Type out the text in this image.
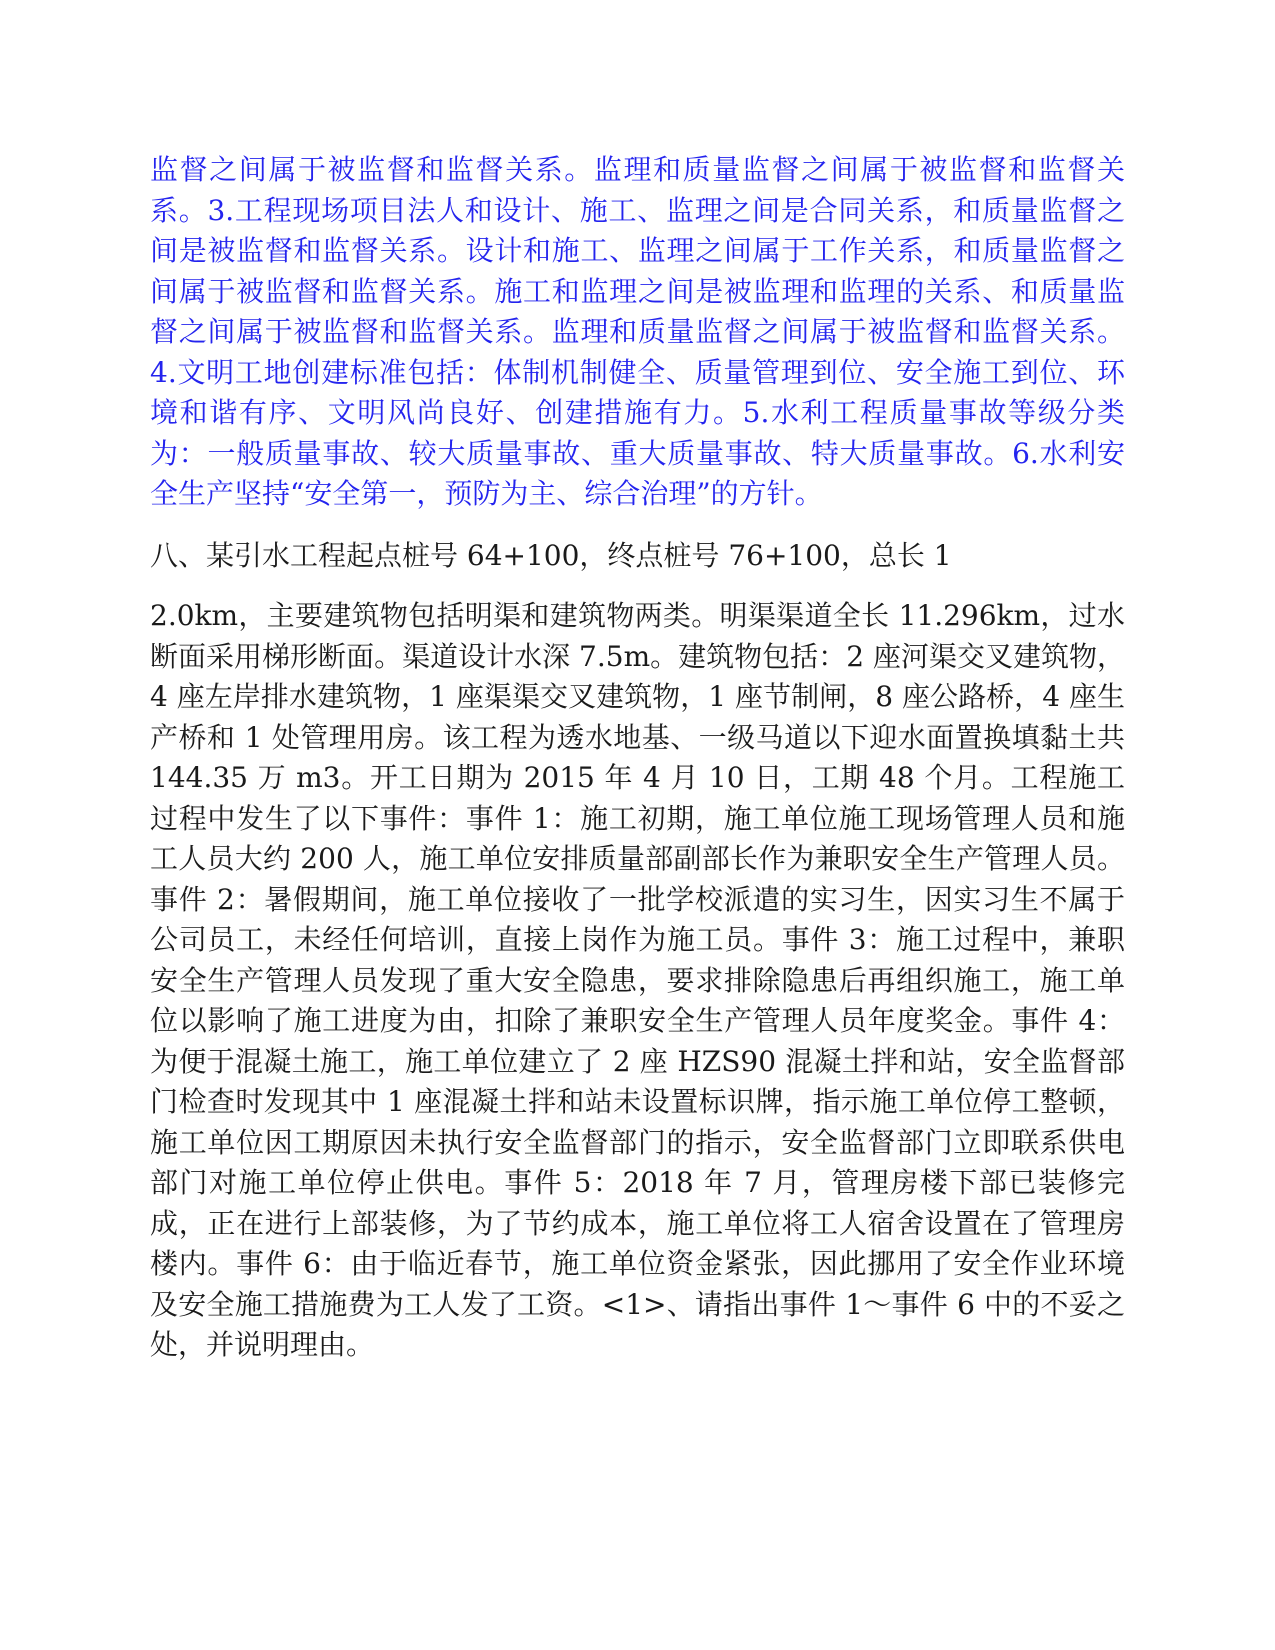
监督之间属于被监督和监督关系。监理和质量监督之间属于被监督和监督关系。3.工程现场项目法人和设计、施工、监理之间是合同关系，和质量监督之间是被监督和监督关系。设计和施工、监理之间属于工作关系，和质量监督之间属于被监督和监督关系。施工和监理之间是被监理和监理的关系、和质量监督之间属于被监督和监督关系。监理和质量监督之间属于被监督和监督关系。4.文明工地创建标准包括：体制机制健全、质量管理到位、安全施工到位、环境和谐有序、文明风尚良好、创建措施有力。5.水利工程质量事故等级分类为：一般质量事故、较大质量事故、重大质量事故、特大质量事故。6.水利安全生产坚持“安全第一，预防为主、综合治理”的方针。

八、某引水工程起点桩号 64+100，终点桩号 76+100，总长 1

2.0km，主要建筑物包括明渠和建筑物两类。明渠渠道全长 11.296km，过水断面采用梯形断面。渠道设计水深 7.5m。建筑物包括：2 座河渠交叉建筑物，4 座左岸排水建筑物，1 座渠渠交叉建筑物，1 座节制闸，8 座公路桥，4 座生产桥和 1 处管理用房。该工程为透水地基、一级马道以下迎水面置换填黏土共 144.35 万 m3。开工日期为 2015 年 4 月 10 日，工期 48 个月。工程施工过程中发生了以下事件：事件 1：施工初期，施工单位施工现场管理人员和施工人员大约 200 人，施工单位安排质量部副部长作为兼职安全生产管理人员。事件 2：暑假期间，施工单位接收了一批学校派遣的实习生，因实习生不属于公司员工，未经任何培训，直接上岗作为施工员。事件 3：施工过程中，兼职安全生产管理人员发现了重大安全隐患，要求排除隐患后再组织施工，施工单位以影响了施工进度为由，扣除了兼职安全生产管理人员年度奖金。事件 4：为便于混凝土施工，施工单位建立了 2 座 HZS90 混凝土拌和站，安全监督部门检查时发现其中 1 座混凝土拌和站未设置标识牌，指示施工单位停工整顿，施工单位因工期原因未执行安全监督部门的指示，安全监督部门立即联系供电部门对施工单位停止供电。事件 5：2018 年 7 月，管理房楼下部已装修完成，正在进行上部装修，为了节约成本，施工单位将工人宿舍设置在了管理房楼内。事件 6：由于临近春节，施工单位资金紧张，因此挪用了安全作业环境及安全施工措施费为工人发了工资。<1>、请指出事件 1～事件 6 中的不妥之处，并说明理由。
